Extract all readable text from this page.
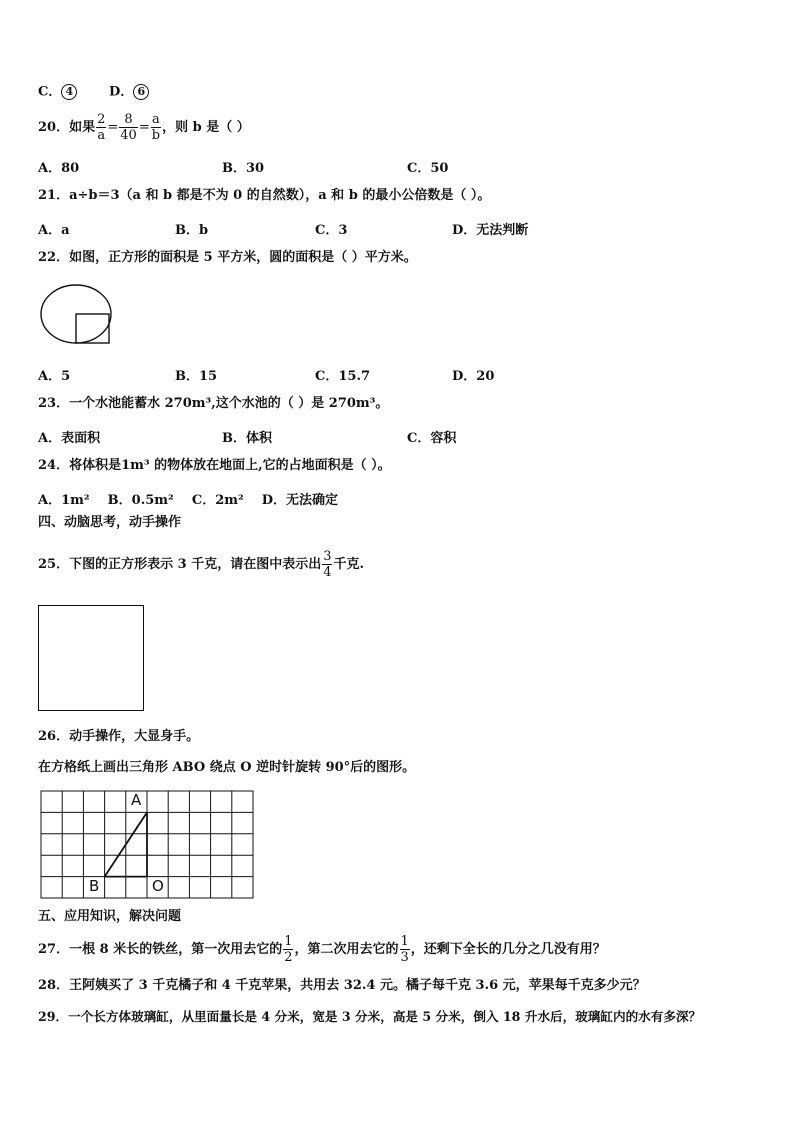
C． 4	D． 6
20．如果 $\frac{2}{a} = \frac{8}{40} = \frac{a}{b}$ ，则 b 是（ ）
A．80	B．30	C．50
21．a÷b＝3（a 和 b 都是不为 0 的自然数），a 和 b 的最小公倍数是（ ）。
A．a	B．b	C．3	D．无法判断
22．如图，正方形的面积是 5 平方米，圆的面积是（ ）平方米。
A．5	B．15	C．15.7	D．20
23．一个水池能蓄水 270m³,这个水池的（ ）是 270m³。
A．表面积	B．体积	C．容积
24．将体积是1m³ 的物体放在地面上,它的占地面积是（ ）。
A．1m²    B．0.5m²    C．2m²    D．无法确定
四、动脑思考，动手操作
25．下图的正方形表示 3 千克，请在图中表示出 $\frac{3}{4}$ 千克.
26．动手操作，大显身手。
在方格纸上画出三角形 ABO 绕点 O 逆时针旋转 90°后的图形。
A
B	O
五、应用知识，解决问题
27．一根 8 米长的铁丝，第一次用去它的 $\frac{1}{2}$ ，第二次用去它的 $\frac{1}{3}$ ，还剩下全长的几分之几没有用？
28．王阿姨买了 3 千克橘子和 4 千克苹果，共用去 32.4 元。橘子每千克 3.6 元，苹果每千克多少元？
29．一个长方体玻璃缸，从里面量长是 4 分米，宽是 3 分米，高是 5 分米，倒入 18 升水后，玻璃缸内的水有多深？
